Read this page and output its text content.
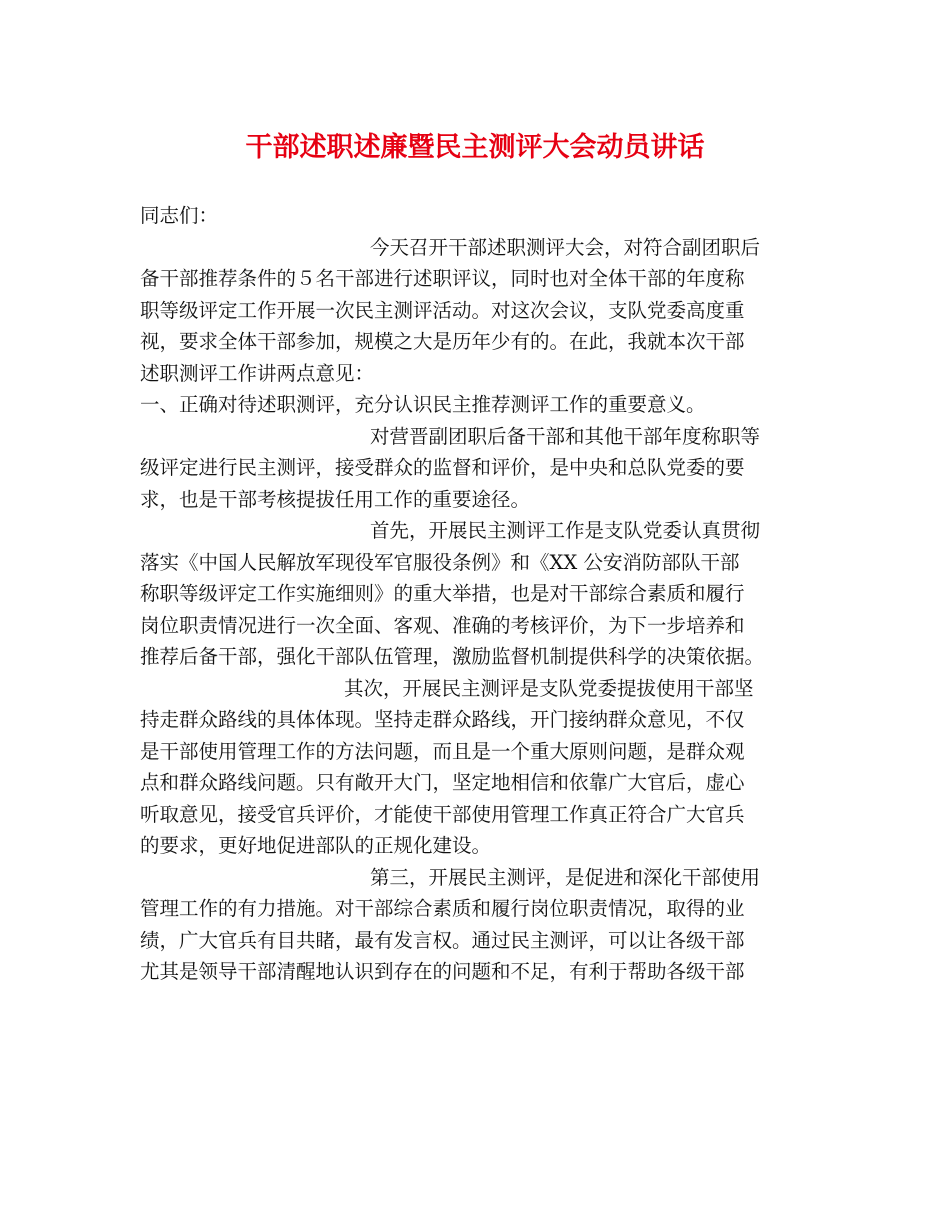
干部述职述廉暨民主测评大会动员讲话
同志们：
今天召开干部述职测评大会，对符合副团职后
备干部推荐条件的５名干部进行述职评议，同时也对全体干部的年度称
职等级评定工作开展一次民主测评活动。对这次会议，支队党委高度重
视，要求全体干部参加，规模之大是历年少有的。在此，我就本次干部
述职测评工作讲两点意见：
一、正确对待述职测评，充分认识民主推荐测评工作的重要意义。
对营晋副团职后备干部和其他干部年度称职等
级评定进行民主测评，接受群众的监督和评价，是中央和总队党委的要
求，也是干部考核提拔任用工作的重要途径。
首先，开展民主测评工作是支队党委认真贯彻
落实《中国人民解放军现役军官服役条例》和《XX 公安消防部队干部
称职等级评定工作实施细则》的重大举措，也是对干部综合素质和履行
岗位职责情况进行一次全面、客观、准确的考核评价，为下一步培养和
推荐后备干部，强化干部队伍管理，激励监督机制提供科学的决策依据。
其次，开展民主测评是支队党委提拔使用干部坚
持走群众路线的具体体现。坚持走群众路线，开门接纳群众意见，不仅
是干部使用管理工作的方法问题，而且是一个重大原则问题，是群众观
点和群众路线问题。只有敞开大门，坚定地相信和依靠广大官后，虚心
听取意见，接受官兵评价，才能使干部使用管理工作真正符合广大官兵
的要求，更好地促进部队的正规化建设。
第三，开展民主测评，是促进和深化干部使用
管理工作的有力措施。对干部综合素质和履行岗位职责情况，取得的业
绩，广大官兵有目共睹，最有发言权。通过民主测评，可以让各级干部
尤其是领导干部清醒地认识到存在的问题和不足，有利于帮助各级干部
